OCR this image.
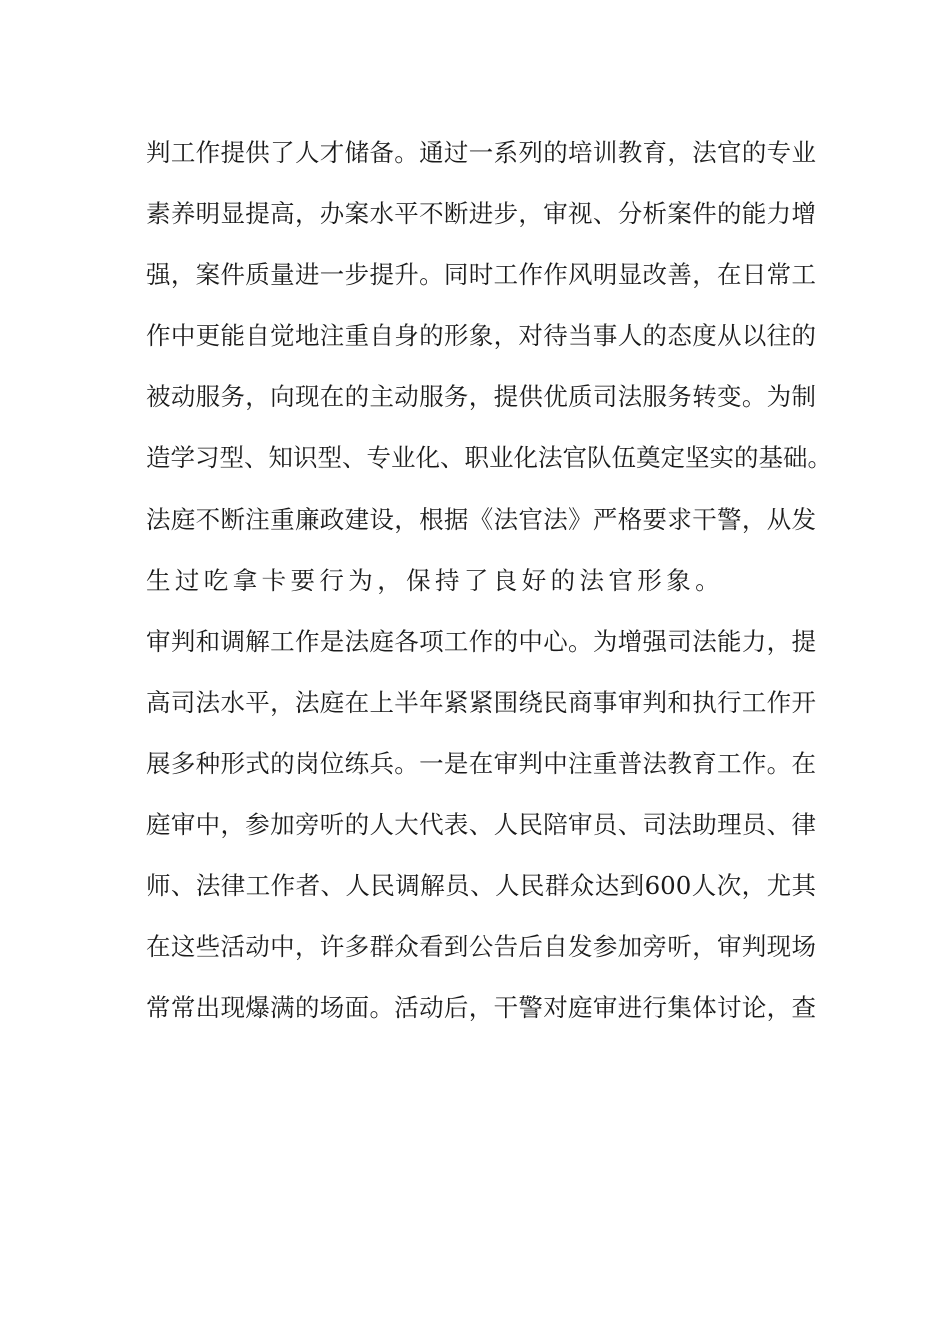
判工作提供了人才储备。通过一系列的培训教育，法官的专业
素养明显提高，办案水平不断进步，审视、分析案件的能力增
强，案件质量进一步提升。同时工作作风明显改善，在日常工
作中更能自觉地注重自身的形象，对待当事人的态度从以往的
被动服务，向现在的主动服务，提供优质司法服务转变。为制
造学习型、知识型、专业化、职业化法官队伍奠定坚实的基础。
法庭不断注重廉政建设，根据《法官法》严格要求干警，从发
生过吃拿卡要行为，保持了良好的法官形象。
审判和调解工作是法庭各项工作的中心。为增强司法能力，提
高司法水平，法庭在上半年紧紧围绕民商事审判和执行工作开
展多种形式的岗位练兵。一是在审判中注重普法教育工作。在
庭审中，参加旁听的人大代表、人民陪审员、司法助理员、律
师、法律工作者、人民调解员、人民群众达到600人次，尤其
在这些活动中，许多群众看到公告后自发参加旁听，审判现场
常常出现爆满的场面。活动后，干警对庭审进行集体讨论，查
